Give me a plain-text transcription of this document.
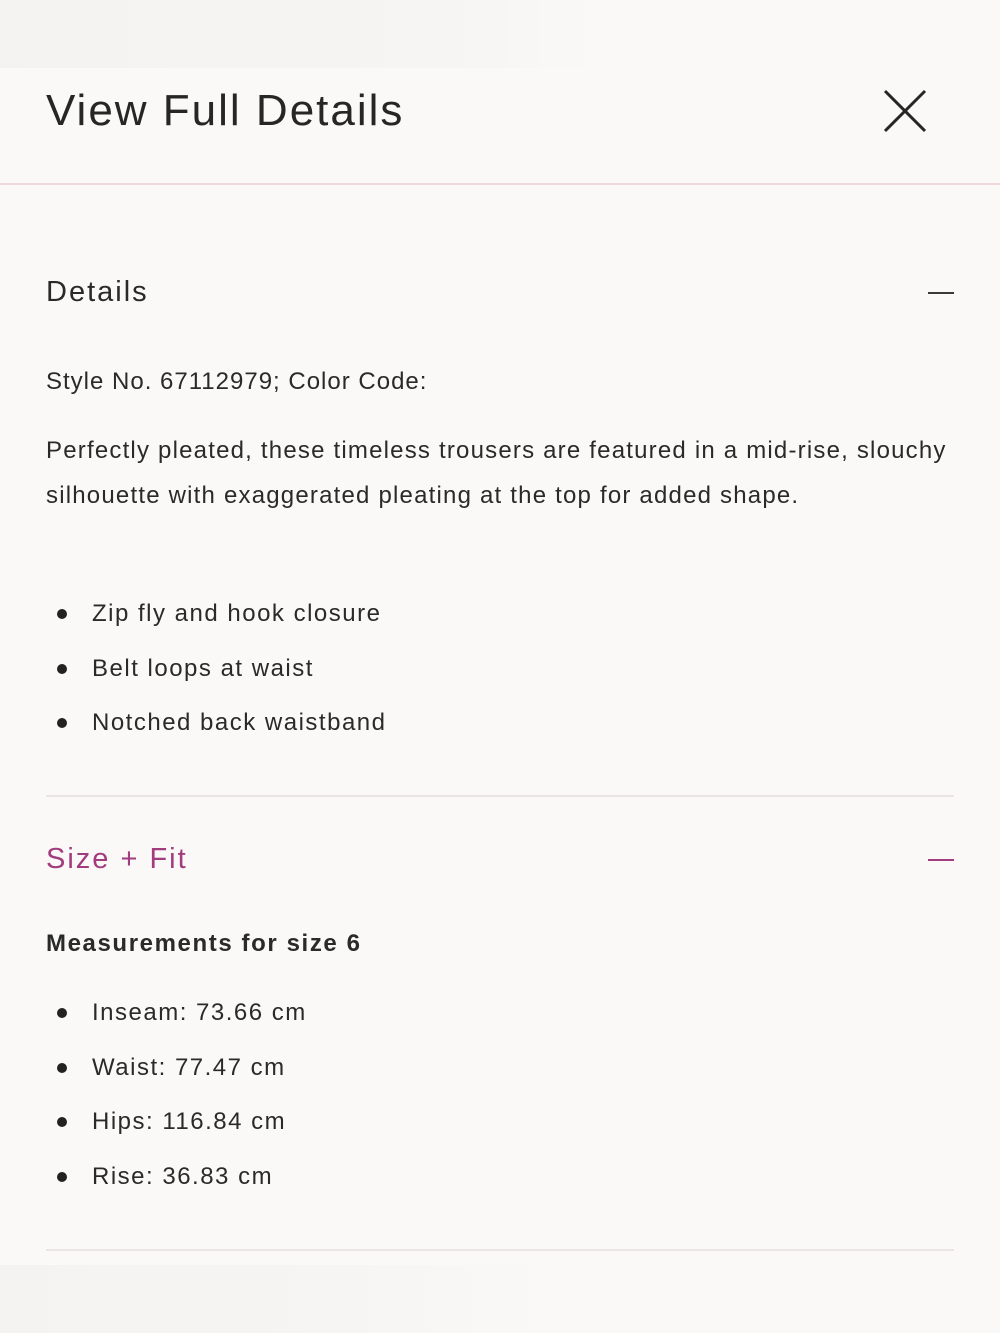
View Full Details
Details

Style No. 67112979; Color Code:

Perfectly pleated, these timeless trousers are featured in a mid-rise, slouchy silhouette with exaggerated pleating at the top for added shape.

Zip fly and hook closure
Belt loops at waist
Notched back waistband
Size + Fit

Measurements for size 6

Inseam: 73.66 cm
Waist: 77.47 cm
Hips: 116.84 cm
Rise: 36.83 cm
